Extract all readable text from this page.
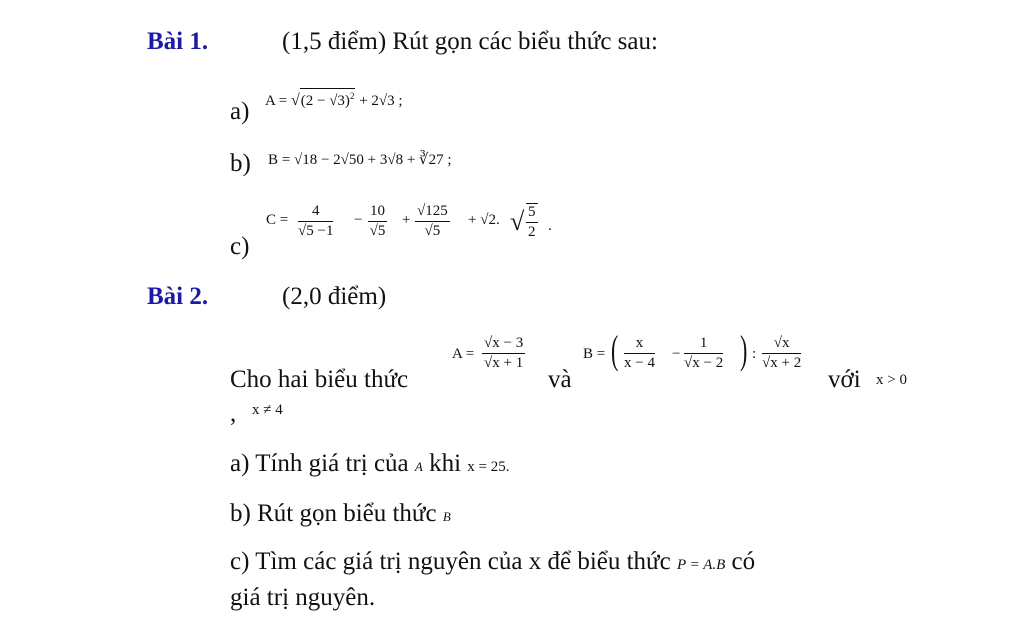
Bài 1.	(1,5 điểm) Rút gọn các biểu thức sau:
a) $A = √(2 - √3)^2 + 2√3$ ;
b) B = √18 − 2√50 + 3√8 + ∛27 ;
c)
$C = \frac{4}{√5 -1} - \frac{10}{√5} + \frac{√125}{√5} + √2$. √ $\frac{5}{2}$ .
Bài 2.	(2,0 điểm)
Cho hai biểu thức
$A = \frac{√x - 3}{√x + 1}$
và
B = ( $\frac{x}{x - 4} - \frac{1}{√x - 2}$ ) : $\frac{√x}{√x + 2}$
với x > 0
, x ≠ 4
a) Tính giá trị của A khi x = 25.
b) Rút gọn biểu thức B
c) Tìm các giá trị nguyên của x để biểu thức P = A.B có
giá trị nguyên.
